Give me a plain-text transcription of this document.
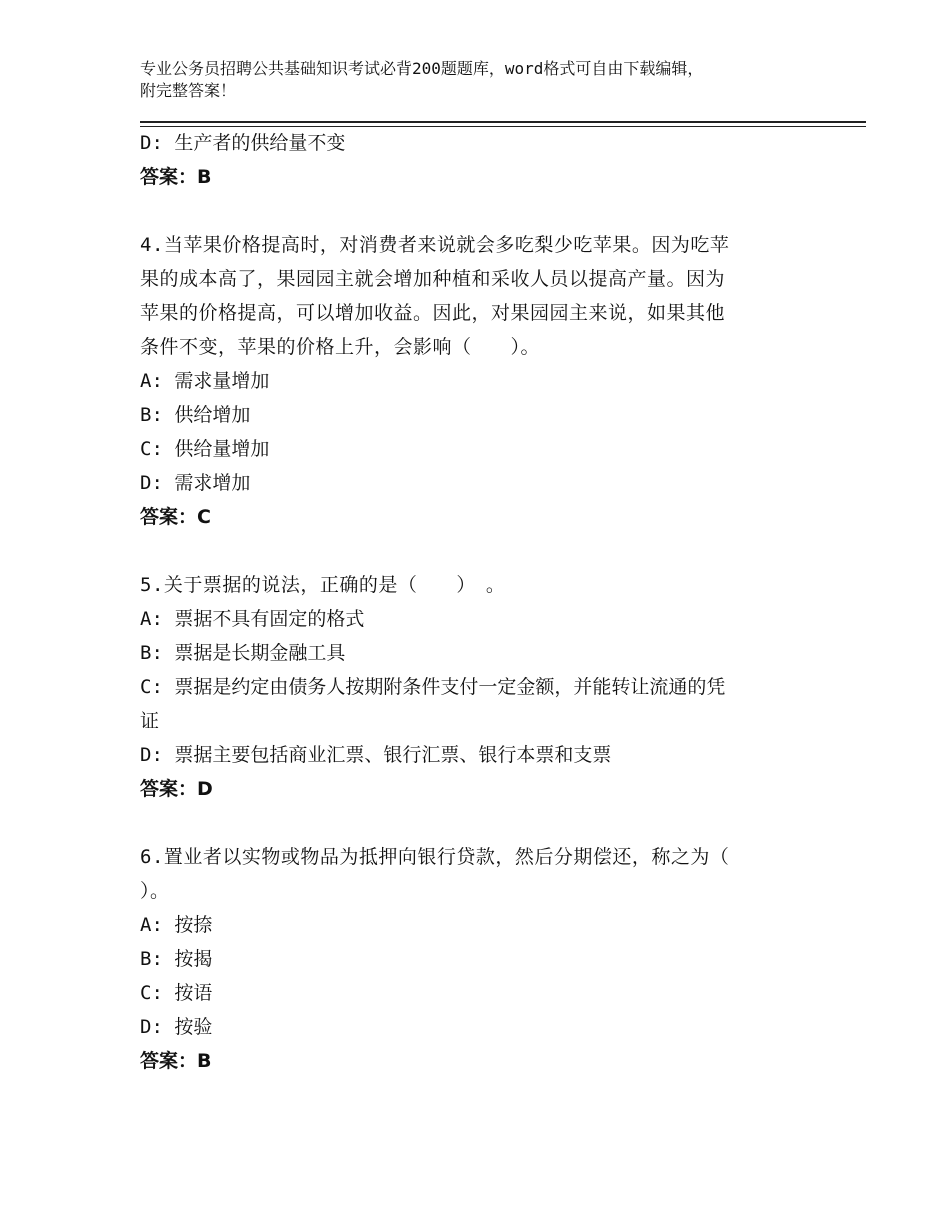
专业公务员招聘公共基础知识考试必背200题题库，word格式可自由下载编辑，
附完整答案！
D: 生产者的供给量不变
答案：B
4.当苹果价格提高时，对消费者来说就会多吃梨少吃苹果。因为吃苹
果的成本高了，果园园主就会增加种植和采收人员以提高产量。因为
苹果的价格提高，可以增加收益。因此，对果园园主来说，如果其他
条件不变，苹果的价格上升，会影响（　　）。
A: 需求量增加
B: 供给增加
C: 供给量增加
D: 需求增加
答案：C
5.关于票据的说法，正确的是（　　）　。
A: 票据不具有固定的格式
B: 票据是长期金融工具
C: 票据是约定由债务人按期附条件支付一定金额，并能转让流通的凭
证
D: 票据主要包括商业汇票、银行汇票、银行本票和支票
答案：D
6.置业者以实物或物品为抵押向银行贷款，然后分期偿还，称之为（
）。
A: 按捺
B: 按揭
C: 按语
D: 按验
答案：B
